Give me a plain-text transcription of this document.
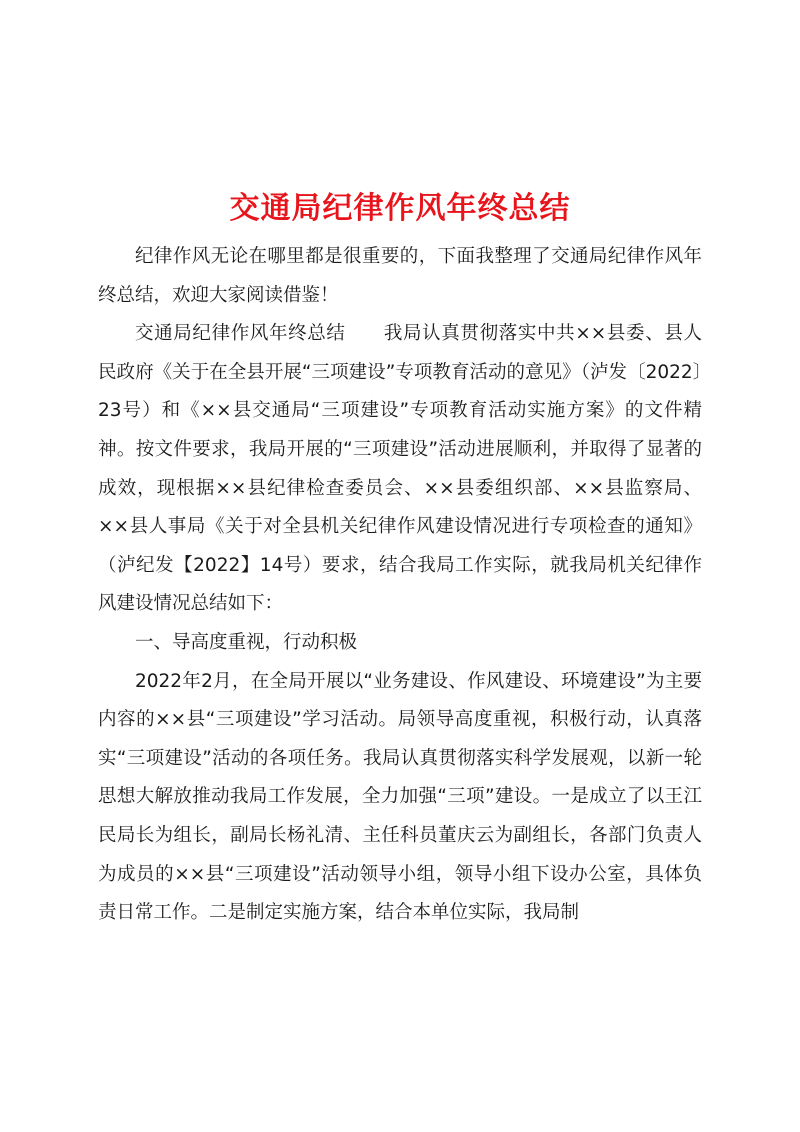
交通局纪律作风年终总结

纪律作风无论在哪里都是很重要的，下面我整理了交通局纪律作风年终总结，欢迎大家阅读借鉴！

交通局纪律作风年终总结　　我局认真贯彻落实中共××县委、县人民政府《关于在全县开展“三项建设”专项教育活动的意见》（泸发〔2022〕23号）和《××县交通局“三项建设”专项教育活动实施方案》的文件精神。按文件要求，我局开展的“三项建设”活动进展顺利，并取得了显著的成效，现根据××县纪律检查委员会、××县委组织部、××县监察局、××县人事局《关于对全县机关纪律作风建设情况进行专项检查的通知》（泸纪发【2022】14号）要求，结合我局工作实际，就我局机关纪律作风建设情况总结如下：

一、导高度重视，行动积极

2022年2月，在全局开展以“业务建设、作风建设、环境建设”为主要内容的××县“三项建设”学习活动。局领导高度重视，积极行动，认真落实“三项建设”活动的各项任务。我局认真贯彻落实科学发展观，以新一轮思想大解放推动我局工作发展，全力加强“三项”建设。一是成立了以王江民局长为组长，副局长杨礼清、主任科员董庆云为副组长，各部门负责人为成员的××县“三项建设”活动领导小组，领导小组下设办公室，具体负责日常工作。二是制定实施方案，结合本单位实际，我局制
